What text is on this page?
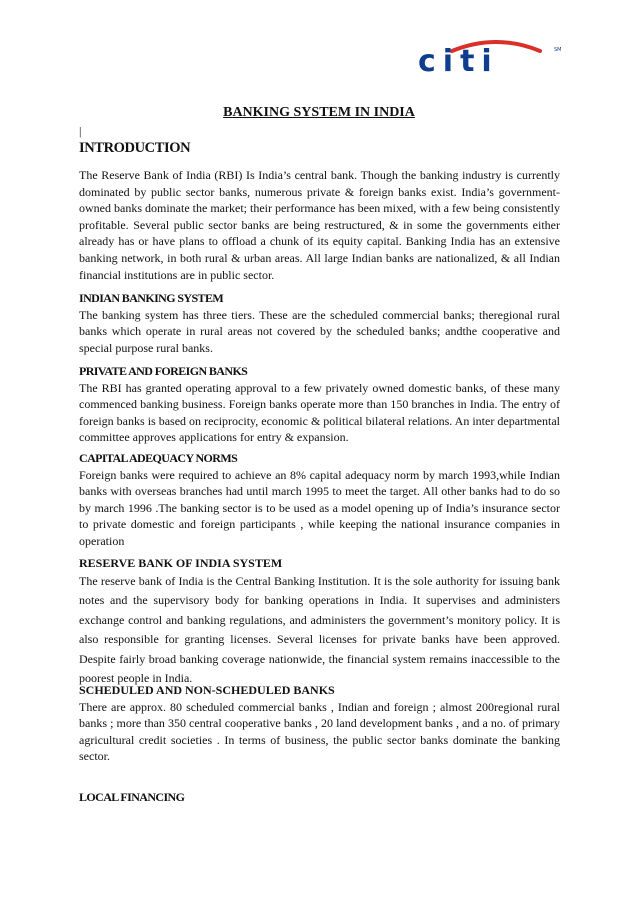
citi	SM
BANKING SYSTEM IN INDIA
|
INTRODUCTION

The Reserve Bank of India (RBI) Is India’s central bank. Though the banking industry is currently dominated by public sector banks, numerous private & foreign banks exist. India’s government-owned banks dominate the market; their performance has been mixed, with a few being consistently profitable. Several public sector banks are being restructured, & in some the governments either already has or have plans to offload a chunk of its equity capital. Banking India has an extensive banking network, in both rural & urban areas. All large Indian banks are nationalized, & all Indian financial institutions are in public sector.

INDIAN BANKING SYSTEM

The banking system has three tiers. These are the scheduled commercial banks; theregional rural banks which operate in rural areas not covered by the scheduled banks; andthe cooperative and special purpose rural banks.

PRIVATE AND FOREIGN BANKS

The RBI has granted operating approval to a few privately owned domestic banks, of these many commenced banking business. Foreign banks operate more than 150 branches in India. The entry of foreign banks is based on reciprocity, economic & political bilateral relations. An inter departmental committee approves applications for entry & expansion.

CAPITAL ADEQUACY NORMS

Foreign banks were required to achieve an 8% capital adequacy norm by march 1993,while Indian banks with overseas branches had until march 1995 to meet the target. All other banks had to do so by march 1996 .The banking sector is to be used as a model opening up of India’s insurance sector to private domestic and foreign participants , while keeping the national insurance companies in operation

RESERVE BANK OF INDIA SYSTEM

The reserve bank of India is the Central Banking Institution. It is the sole authority for issuing bank notes and the supervisory body for banking operations in India. It supervises and administers exchange control and banking regulations, and administers the government’s monitory policy. It is also responsible for granting licenses. Several licenses for private banks have been approved. Despite fairly broad banking coverage nationwide, the financial system remains inaccessible to the poorest people in India.

SCHEDULED AND NON-SCHEDULED BANKS

There are approx. 80 scheduled commercial banks , Indian and foreign ; almost 200regional rural banks ; more than 350 central cooperative banks , 20 land development banks , and a no. of primary agricultural credit societies . In terms of business, the public sector banks dominate the banking sector.

LOCAL FINANCING
